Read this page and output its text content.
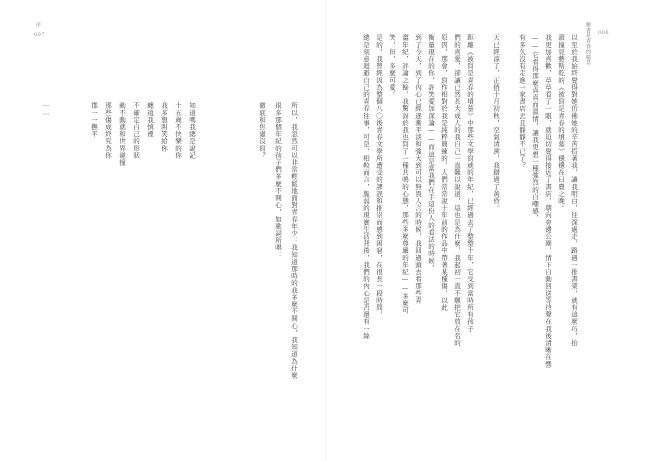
臉書是青春的喘息 006
以至於我始終覺得對她仿佛她的辛苦搭著我，讓我明白，往深處走，路過一排書架，就有這麼巧，抬
頭撞見藝斯乾的《被寫是青春的墳墓》穩穩在日賣之晚。
我更加喜歡，草草看了一眼，就迫切覺得接近了書店，朝向旁邊公園，情下自動回送等待聲在我後清晰在響
——它看得那麼真真而溫情，讓我更想一種強烈的自嘲感，
有多久沒有走進一家書店丟且靜靜不已了？
天已經涼了，正值十月初秋，空氣清冽，我錯過了黃昏。
距離《被寫是青春的墳墓》中那些文學寫就的年紀，已經過去了整整十年，它受到當時所有孩子
們的喜愛，卻讓已然長大成人的我自己一直難以說道，這也是為什麼，我起初一直不願把它放在名的
原因，那會，寫作相對於我是純粹簡練的，人們常常說十年前的作品中帶著某種傷，以此
衡量現在的你，許笑愛加深論——而這是當我們在手這份人的看法的時候，
到了今天，到了內心已經逐漸平淡和強大到可以無畏人言的時候，我回過頭去看那些青
澀年紀，評論之餘，我驚訝於我也寫了一種共鳴的心態，那些多麼尊嚴的年紀——多麼可
笑，但，多麼可愛。
是的，我曾經因為整個八〇後青春文學所遭受的謬誤和推崇而感到困窘，在很長一段時間，
總是刻意迴避自己的青春往事，可是，相較而言，脆弱的現實生活背後，我們的內心是否還有一絲
序
007
……	知道嗎我總是說記
十五歲不快樂的你
我多想叫笑給你
纏遠我慎裡
不確定自己的形狀
動不動就和世界碰撞
那些傷成終究為你
郡一一撫平	所以，我忽然可以非常輕鬆地面對青春年少：我知道那時的我多麼不開心，我知道為什麼
很多那個年紀的孩子們多麼不開心，如歌詞所唱：
徹底和焦慮沒寫？
